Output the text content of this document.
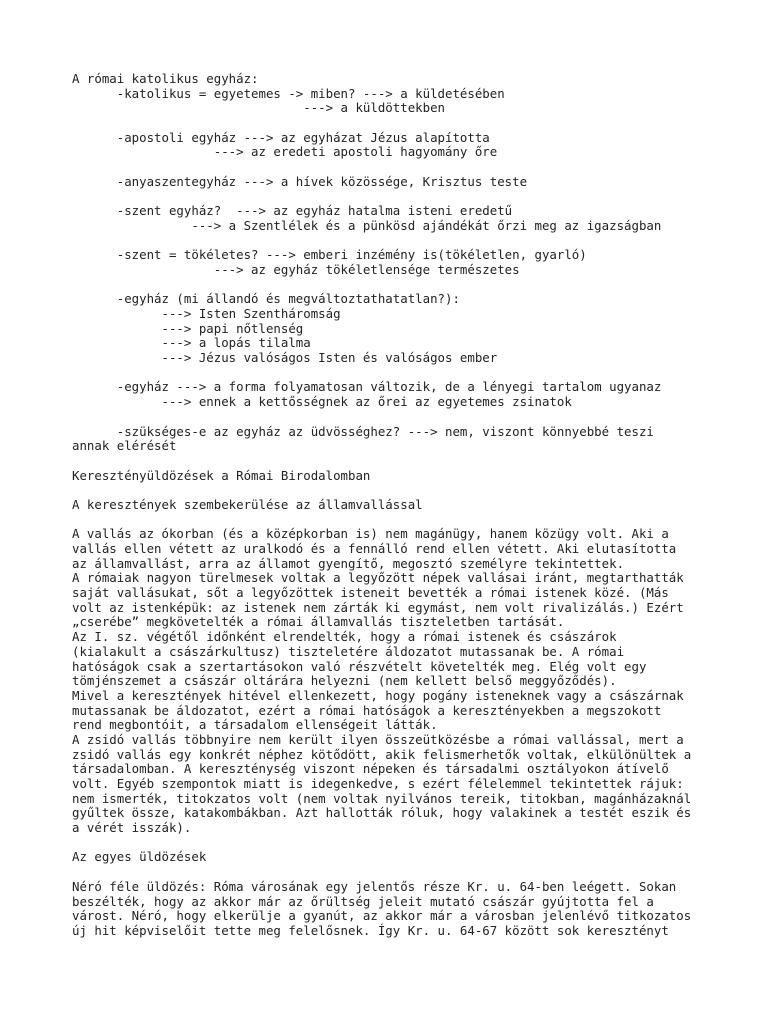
A római katolikus egyház:
-katolikus = egyetemes -> miben? ---> a küldetésében
---> a küldöttekben
-apostoli egyház ---> az egyházat Jézus alapította
---> az eredeti apostoli hagyomány őre
-anyaszentegyház ---> a hívek közössége, Krisztus teste
-szent egyház?  ---> az egyház hatalma isteni eredetű
---> a Szentlélek és a pünkösd ajándékát őrzi meg az igazságban
-szent = tökéletes? ---> emberi inzémény is(tökéletlen, gyarló)
---> az egyház tökéletlensége természetes
-egyház (mi állandó és megváltoztathatatlan?):
---> Isten Szentháromság
---> papi nőtlenség
---> a lopás tilalma
---> Jézus valóságos Isten és valóságos ember
-egyház ---> a forma folyamatosan változik, de a lényegi tartalom ugyanaz
---> ennek a kettősségnek az őrei az egyetemes zsinatok
-szükséges-e az egyház az üdvösséghez? ---> nem, viszont könnyebbé teszi
annak elérését
Keresztényüldözések a Római Birodalomban
A keresztények szembekerülése az államvallással
A vallás az ókorban (és a középkorban is) nem magánügy, hanem közügy volt. Aki a
vallás ellen vétett az uralkodó és a fennálló rend ellen vétett. Aki elutasította
az államvallást, arra az államot gyengítő, megosztó személyre tekintettek.
A rómaiak nagyon türelmesek voltak a legyőzött népek vallásai iránt, megtarthatták
saját vallásukat, sőt a legyőzöttek isteneit bevették a római istenek közé. (Más
volt az istenképük: az istenek nem zárták ki egymást, nem volt rivalizálás.) Ezért
„cserébe” megkövetelték a római államvallás tiszteletben tartását.
Az I. sz. végétől időnként elrendelték, hogy a római istenek és császárok
(kialakult a császárkultusz) tiszteletére áldozatot mutassanak be. A római
hatóságok csak a szertartásokon való részvételt követelték meg. Elég volt egy
tömjénszemet a császár oltárára helyezni (nem kellett belső meggyőződés).
Mivel a keresztények hitével ellenkezett, hogy pogány isteneknek vagy a császárnak
mutassanak be áldozatot, ezért a római hatóságok a keresztényekben a megszokott
rend megbontóit, a társadalom ellenségeit látták.
A zsidó vallás többnyire nem került ilyen összeütközésbe a római vallással, mert a
zsidó vallás egy konkrét néphez kötődött, akik felismerhetők voltak, elkülönültek a
társadalomban. A kereszténység viszont népeken és társadalmi osztályokon átívelő
volt. Egyéb szempontok miatt is idegenkedve, s ezért félelemmel tekintettek rájuk:
nem ismerték, titokzatos volt (nem voltak nyilvános tereik, titokban, magánházaknál
gyűltek össze, katakombákban. Azt hallották róluk, hogy valakinek a testét eszik és
a vérét isszák).
Az egyes üldözések
Néró féle üldözés: Róma városának egy jelentős része Kr. u. 64-ben leégett. Sokan
beszélték, hogy az akkor már az őrültség jeleit mutató császár gyújtotta fel a
várost. Néró, hogy elkerülje a gyanút, az akkor már a városban jelenlévő titkozatos
új hit képviselőit tette meg felelősnek. Így Kr. u. 64-67 között sok keresztényt
